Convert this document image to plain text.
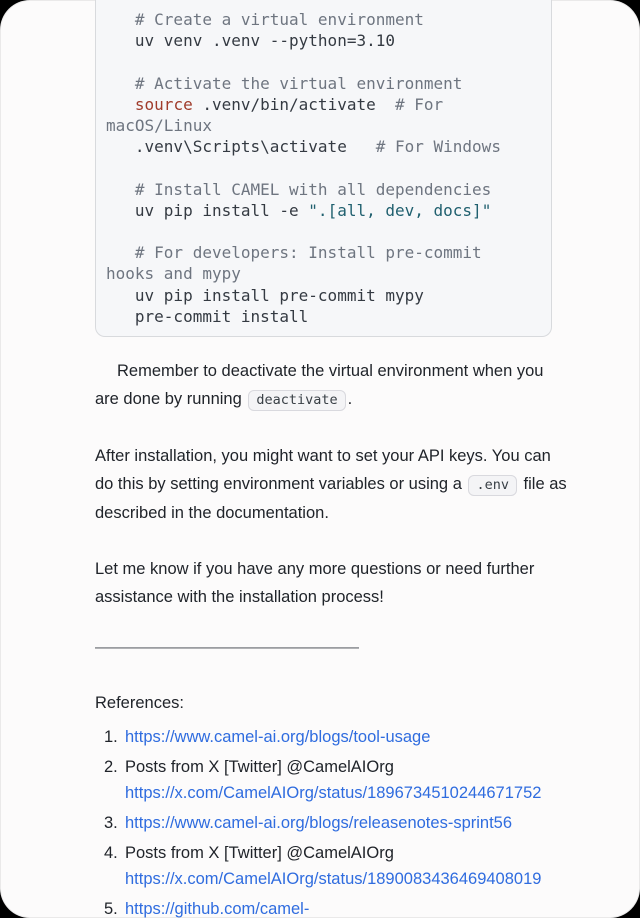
# Create a virtual environment
uv venv .venv --python=3.10
# Activate the virtual environment
source .venv/bin/activate  # For
macOS/Linux
.venv\Scripts\activate   # For Windows
# Install CAMEL with all dependencies
uv pip install -e ".[all, dev, docs]"
# For developers: Install pre-commit
hooks and mypy
uv pip install pre-commit mypy
pre-commit install
Remember to deactivate the virtual environment when you
are done by running deactivate .
After installation, you might want to set your API keys. You can
do this by setting environment variables or using a .env file as
described in the documentation.
Let me know if you have any more questions or need further
assistance with the installation process!
————————————————
References:
1. https://www.camel-ai.org/blogs/tool-usage
2. Posts from X [Twitter] @CamelAIOrg
https://x.com/CamelAIOrg/status/1896734510244671752
3. https://www.camel-ai.org/blogs/releasenotes-sprint56
4. Posts from X [Twitter] @CamelAIOrg
https://x.com/CamelAIOrg/status/1890083436469408019
5. https://github.com/camel-
